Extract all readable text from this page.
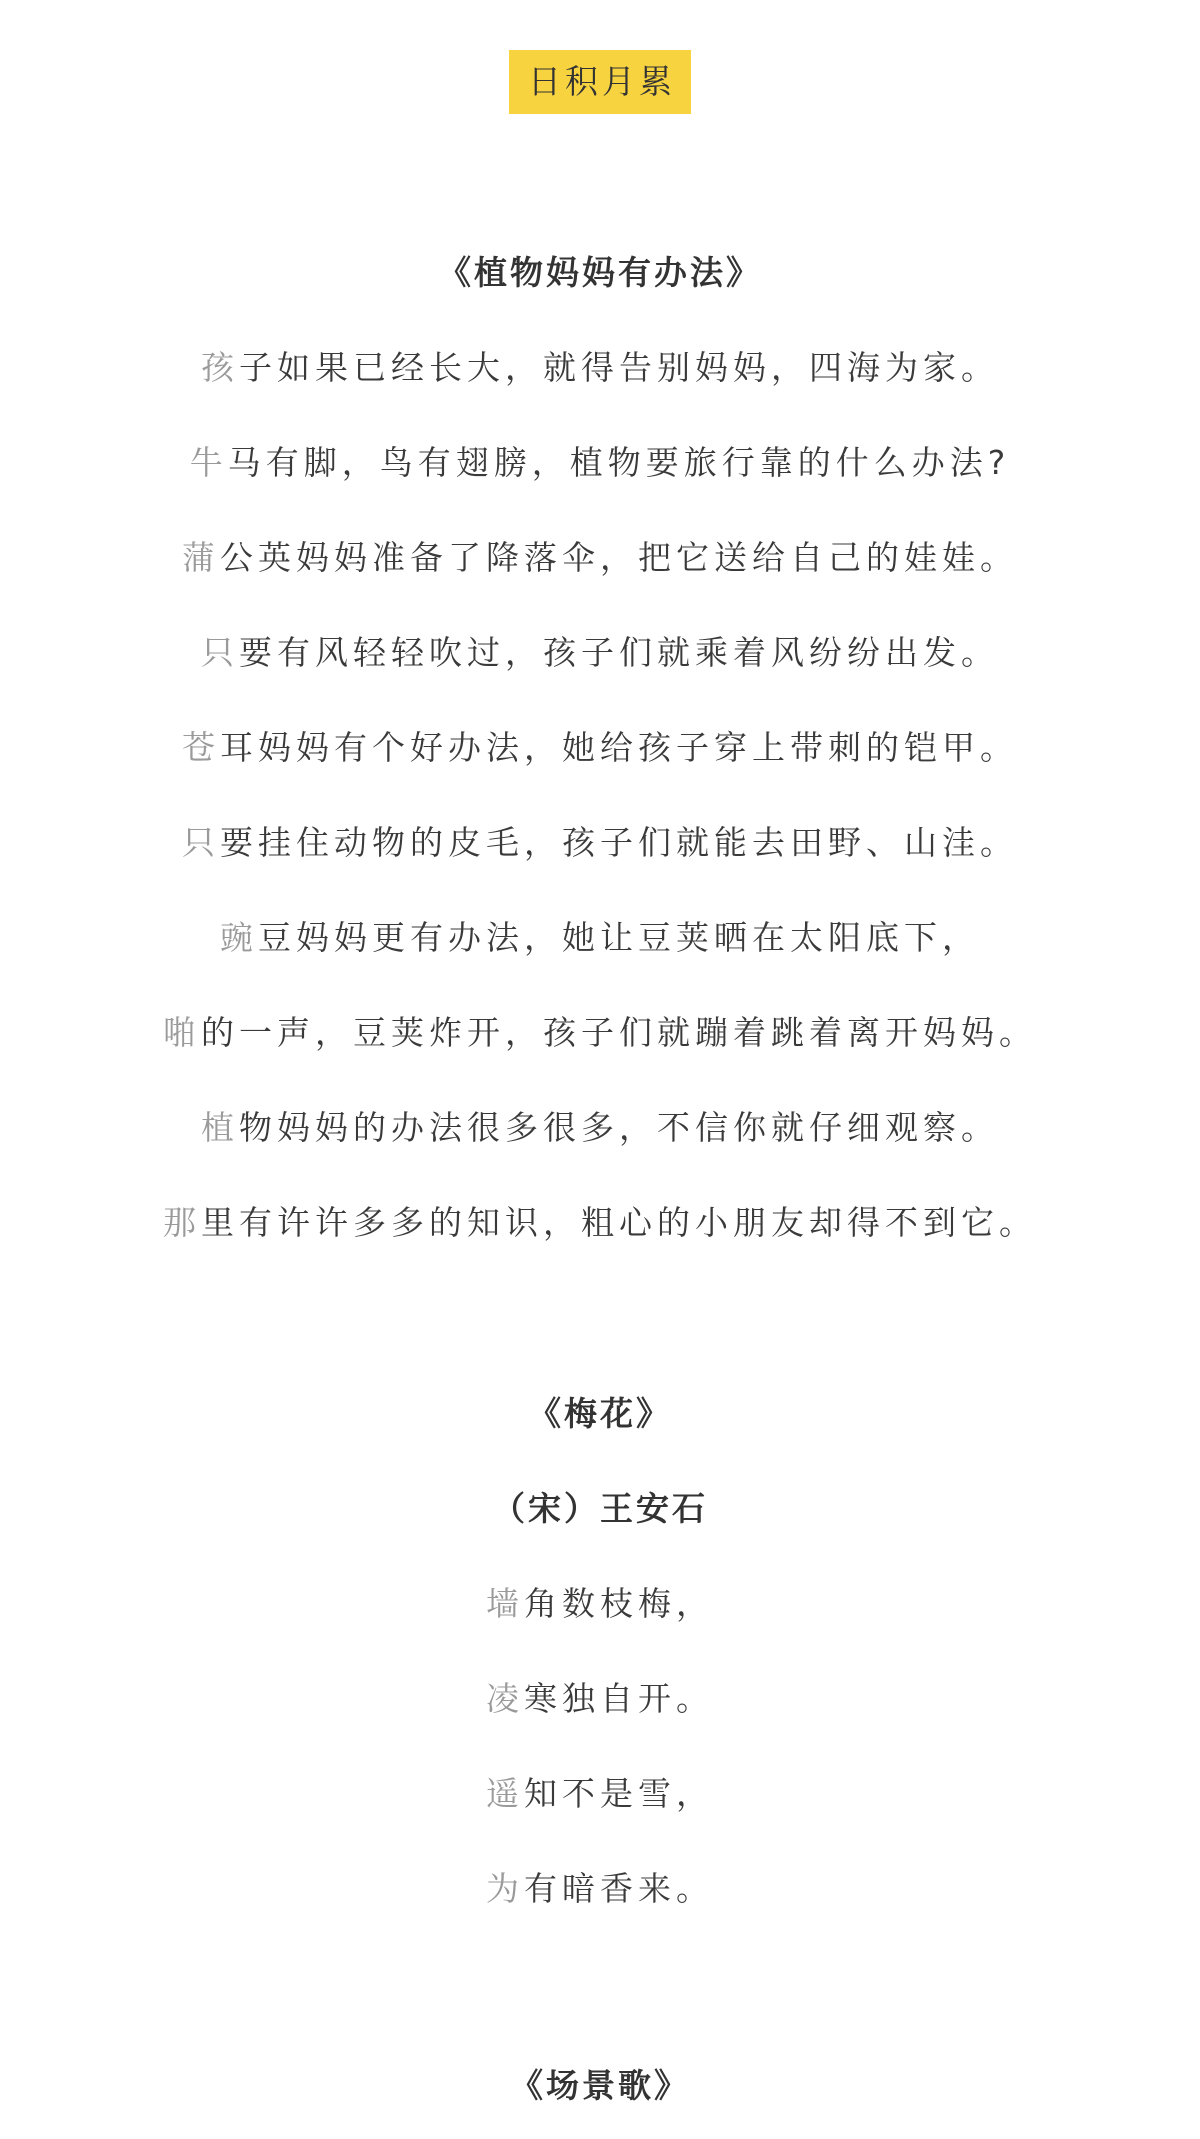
日积月累
《植物妈妈有办法》
孩子如果已经长大，就得告别妈妈，四海为家。
牛马有脚，鸟有翅膀，植物要旅行靠的什么办法?
蒲公英妈妈准备了降落伞，把它送给自己的娃娃。
只要有风轻轻吹过，孩子们就乘着风纷纷出发。
苍耳妈妈有个好办法，她给孩子穿上带刺的铠甲。
只要挂住动物的皮毛，孩子们就能去田野、山洼。
豌豆妈妈更有办法，她让豆荚晒在太阳底下，
啪的一声，豆荚炸开，孩子们就蹦着跳着离开妈妈。
植物妈妈的办法很多很多，不信你就仔细观察。
那里有许许多多的知识，粗心的小朋友却得不到它。
《梅花》
（宋）王安石
墙角数枝梅，
凌寒独自开。
遥知不是雪，
为有暗香来。
《场景歌》
